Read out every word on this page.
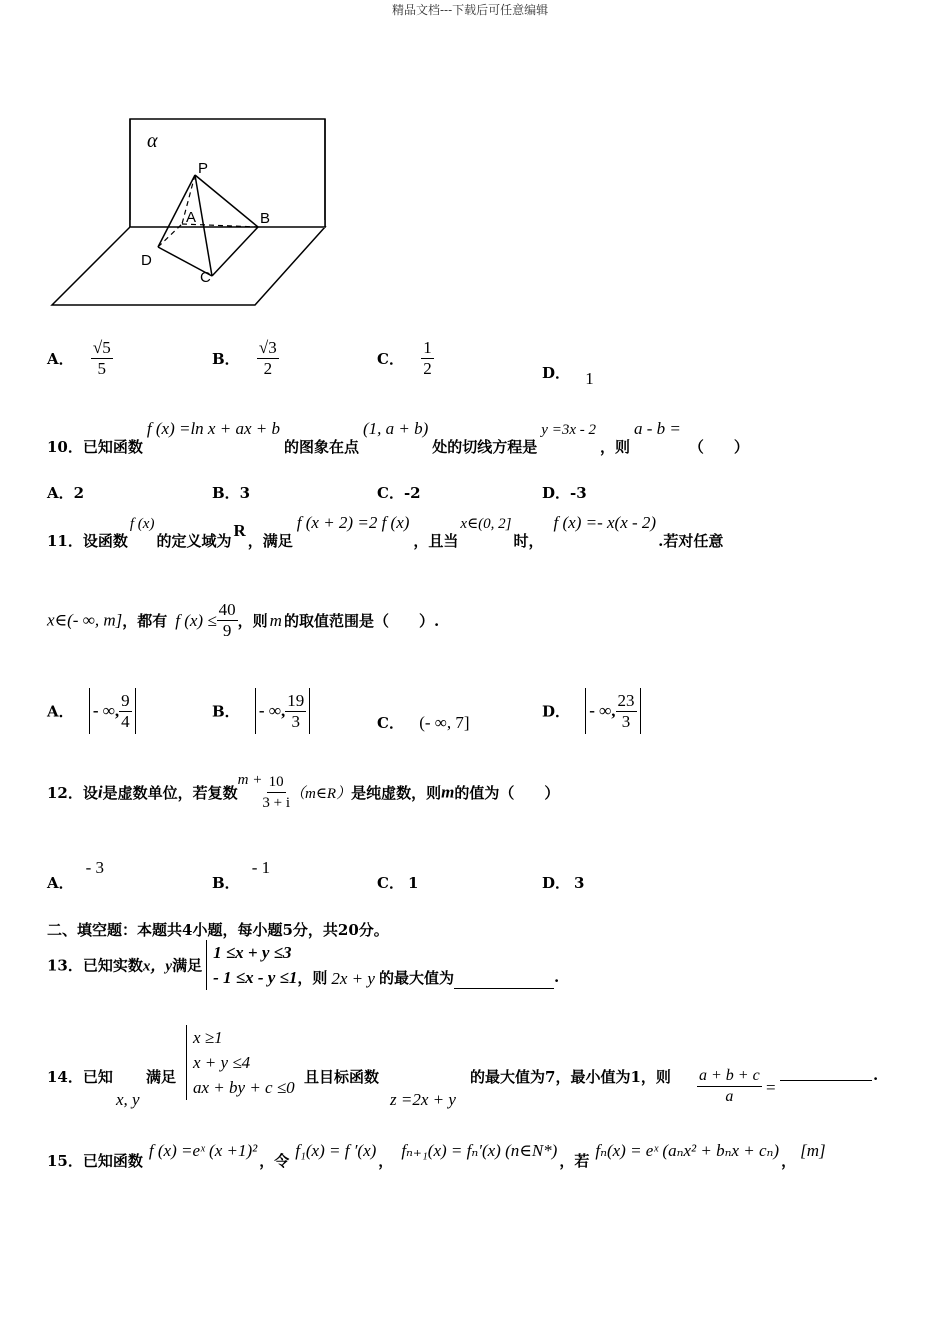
精品文档---下载后可任意编辑
α
P
A	B
D
C
A． $\frac{√5}{5}$	B． $\frac{√3}{2}$	C． $\frac{1}{2}$	D． 1
10．已知函数f (x) =ln x + ax + b的图象在点(1, a + b)处的切线方程是y =3x - 2，则a - b =（　　）
A．2	B．3	C．-2	D．-3
11．设函数f (x)的定义域为R，满足f (x + 2) =2 f (x)，且当x∈(0, 2]时，f (x) =- x(x - 2).若对任意
x∈(- ∞, m]，都有 f $(x) \le \frac{40}{9}$ ，则 m 的取值范围是（　　）.
A． - ∞, $\frac{9}{4}$	B． - ∞, $\frac{19}{3}$	C． (- ∞, 7]
D． - ∞, $\frac{23}{3}$
12．设i是虚数单位，若复数$m + \frac{10}{3 + i}$ （m∈R）是纯虚数，则m的值为（　　）
A．- 3
B．- 1
C． 1	D． 3
二、填空题：本题共4小题，每小题5分，共20分。
13．已知实数x，y满足
1 ≤x + y ≤3
- 1 ≤x - y ≤1 ，则 2x + y 的最大值为	.
14．已知
x, y
满足
x ≥1
x + y ≤4
ax + by + c ≤0
且目标函数
z =2x + y
的最大值为7，最小值为1，则 $\frac{a + b + c}{a}$ =
.
15．已知函数f (x) =eˣ (x +1)²，令f₁(x) = f ′(x)，fₙ₊₁(x) = fₙ′(x) (n∈N*)，若fₙ(x) = eˣ (aₙx² + bₙx + cₙ)，[m]
